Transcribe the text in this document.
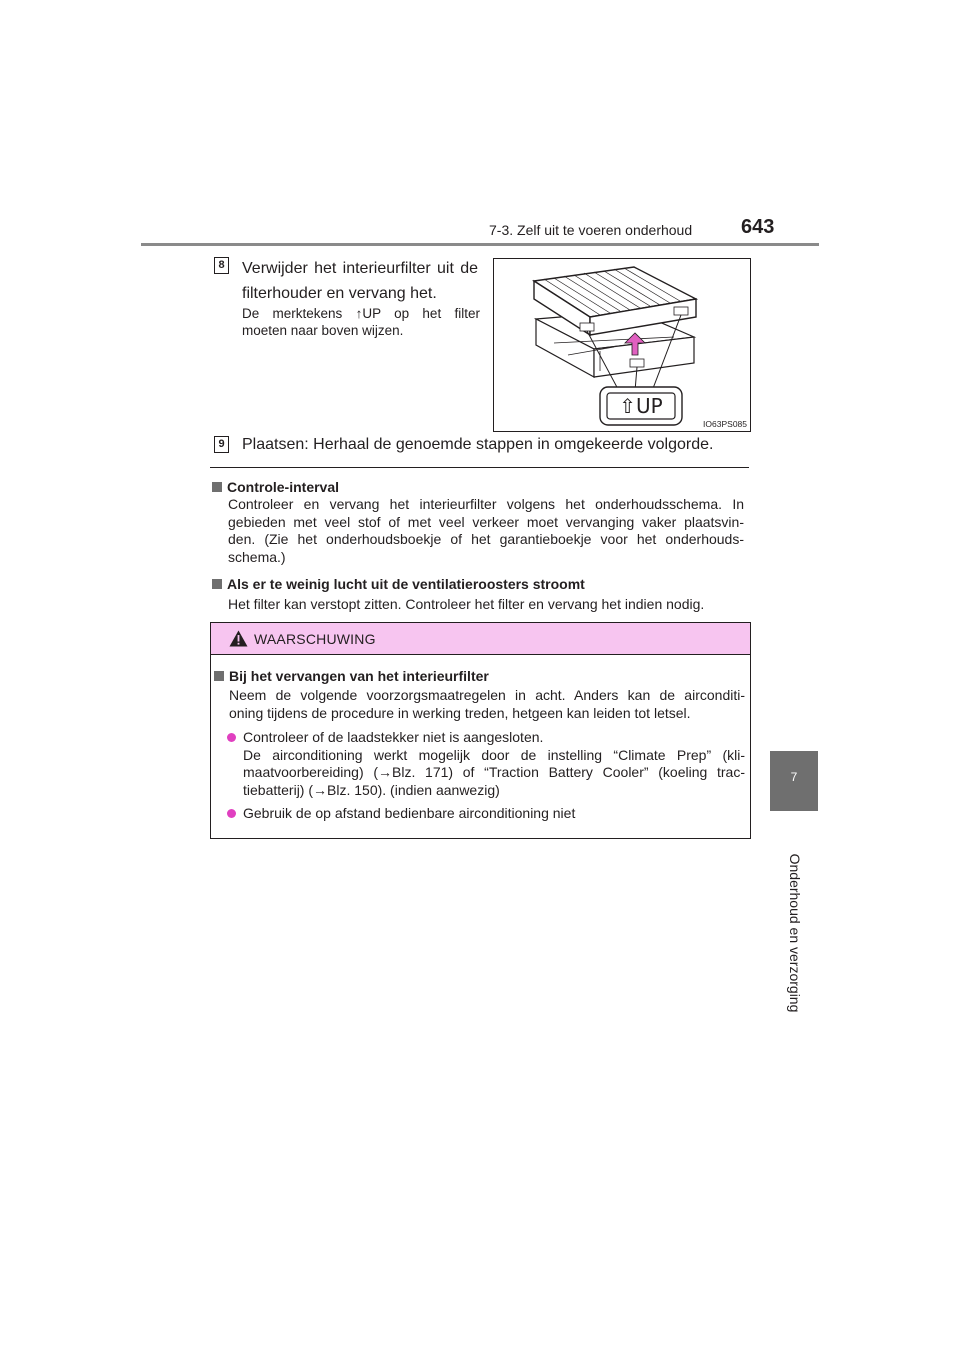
7-3. Zelf uit te voeren onderhoud 643
7
Onderhoud en verzorging
8 Verwijder het interieurfilter uit de filterhouder en vervang het.
De merktekens ↑UP op het filter moeten naar boven wijzen.
⇧UP
IO63PS085
9 Plaatsen: Herhaal de genoemde stappen in omgekeerde volgorde.
Controle-interval
Controleer en vervang het interieurfilter volgens het onderhoudsschema. In
gebieden met veel stof of met veel verkeer moet vervanging vaker plaatsvin-
den. (Zie het onderhoudsboekje of het garantieboekje voor het onderhouds-
schema.)
Als er te weinig lucht uit de ventilatieroosters stroomt
Het filter kan verstopt zitten. Controleer het filter en vervang het indien nodig.
WAARSCHUWING
Bij het vervangen van het interieurfilter
Neem de volgende voorzorgsmaatregelen in acht. Anders kan de airconditi-
oning tijdens de procedure in werking treden, hetgeen kan leiden tot letsel.
Controleer of de laadstekker niet is aangesloten.
De airconditioning werkt mogelijk door de instelling “Climate Prep” (kli-
maatvoorbereiding) (→Blz. 171) of “Traction Battery Cooler” (koeling trac-
tiebatterij) (→Blz. 150). (indien aanwezig)
Gebruik de op afstand bedienbare airconditioning niet
